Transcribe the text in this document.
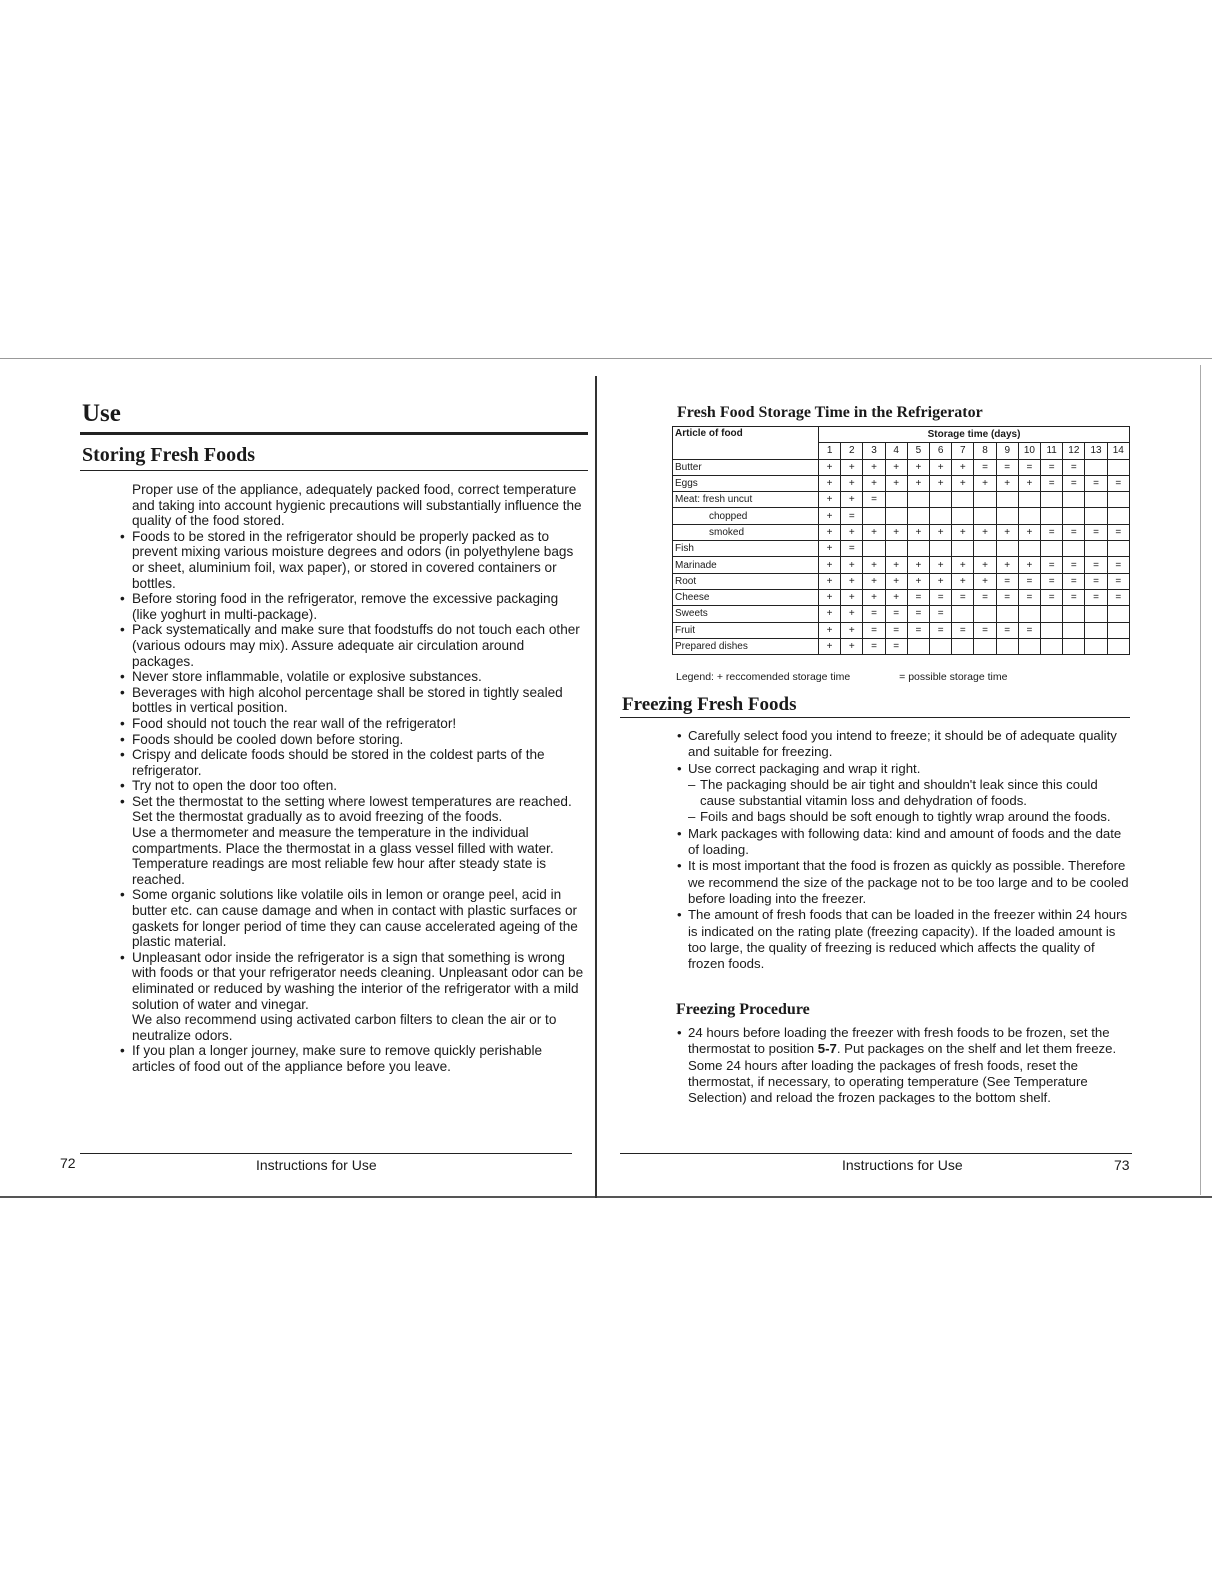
Use
Storing Fresh Foods

Proper use of the appliance, adequately packed food, correct temperature and taking into account hygienic precautions will substantially influence the quality of the food stored.

• Foods to be stored in the refrigerator should be properly packed as to prevent mixing various moisture degrees and odors (in polyethylene bags or sheet, aluminium foil, wax paper), or stored in covered containers or bottles.
• Before storing food in the refrigerator, remove the excessive packaging (like yoghurt in multi-package).
• Pack systematically and make sure that foodstuffs do not touch each other (various odours may mix). Assure adequate air circulation around packages.
• Never store inflammable, volatile or explosive substances.
• Beverages with high alcohol percentage shall be stored in tightly sealed bottles in vertical position.
• Food should not touch the rear wall of the refrigerator!
• Foods should be cooled down before storing.
• Crispy and delicate foods should be stored in the coldest parts of the refrigerator.
• Try not to open the door too often.
• Set the thermostat to the setting where lowest temperatures are reached. Set the thermostat gradually as to avoid freezing of the foods.

Use a thermometer and measure the temperature in the individual compartments. Place the thermostat in a glass vessel filled with water. Temperature readings are most reliable few hour after steady state is reached.

• Some organic solutions like volatile oils in lemon or orange peel, acid in butter etc. can cause damage and when in contact with plastic surfaces or gaskets for longer period of time they can cause accelerated ageing of the plastic material.
• Unpleasant odor inside the refrigerator is a sign that something is wrong with foods or that your refrigerator needs cleaning. Unpleasant odor can be eliminated or reduced by washing the interior of the refrigerator with a mild solution of water and vinegar.

We also recommend using activated carbon filters to clean the air or to neutralize odors.

• If you plan a longer journey, make sure to remove quickly perishable articles of food out of the appliance before you leave.
72	Instructions for Use
Fresh Food Storage Time in the Refrigerator
Article of food	Storage time (days)													
	1	2	3	4	5	6	7	8	9	10	11	12	13	14
Butter	+	+	+	+	+	+	+	=	=	=	=	=		
Eggs	+	+	+	+	+	+	+	+	+	+	=	=	=	=
Meat: fresh uncut	+	+	=											
chopped	+	=												
smoked	+	+	+	+	+	+	+	+	+	+	=	=	=	=
Fish	+	=												
Marinade	+	+	+	+	+	+	+	+	+	+	=	=	=	=
Root	+	+	+	+	+	+	+	+	=	=	=	=	=	=
Cheese	+	+	+	+	=	=	=	=	=	=	=	=	=	=
Sweets	+	+	=	=	=	=								
Fruit	+	+	=	=	=	=	=	=	=	=				
Prepared dishes	+	+	=	=										
Legend: + reccomended storage time	= possible storage time
Freezing Fresh Foods
• Carefully select food you intend to freeze; it should be of adequate quality and suitable for freezing.
• Use correct packaging and wrap it right.
– The packaging should be air tight and shouldn't leak since this could cause substantial vitamin loss and dehydration of foods.
– Foils and bags should be soft enough to tightly wrap around the foods.
• Mark packages with following data: kind and amount of foods and the date of loading.
• It is most important that the food is frozen as quickly as possible. Therefore we recommend the size of the package not to be too large and to be cooled before loading into the freezer.
• The amount of fresh foods that can be loaded in the freezer within 24 hours is indicated on the rating plate (freezing capacity). If the loaded amount is too large, the quality of freezing is reduced which affects the quality of frozen foods.
Freezing Procedure
• 24 hours before loading the freezer with fresh foods to be frozen, set the thermostat to position 5-7. Put packages on the shelf and let them freeze.
Some 24 hours after loading the packages of fresh foods, reset the thermostat, if necessary, to operating temperature (See Temperature Selection) and reload the frozen packages to the bottom shelf.
Instructions for Use	73
